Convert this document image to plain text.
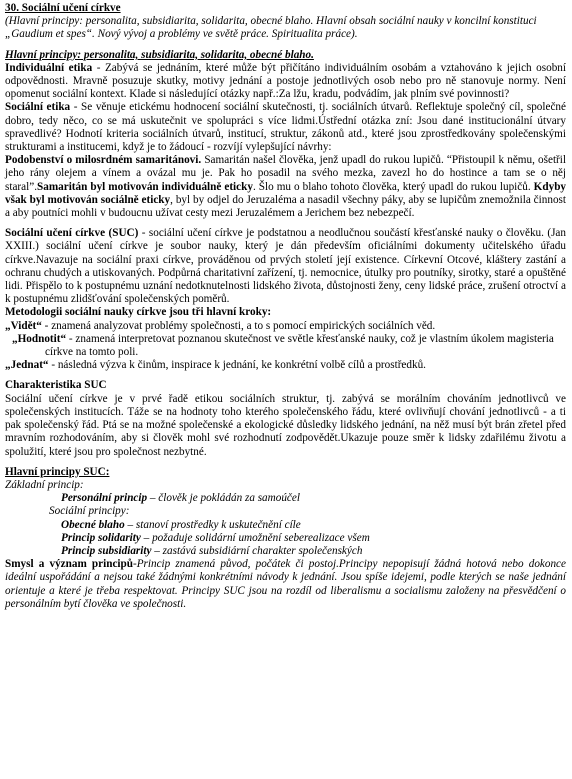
30. Sociální učení církve

(Hlavní principy: personalita, subsidiarita, solidarita, obecné blaho. Hlavní obsah sociální nauky v koncilní konstituci „Gaudium et spes“. Nový vývoj a problémy ve světě práce. Spiritualita práce).

Hlavní principy: personalita, subsidiarita, solidarita, obecné blaho.

Individuální etika - Zabývá se jednáním, které může být přičítáno individuálním osobám a vztahováno k jejich osobní odpovědnosti. Mravně posuzuje skutky, motivy jednání a postoje jednotlivých osob nebo pro ně stanovuje normy. Není opomenut sociální kontext. Klade si následující otázky např.:Za lžu, kradu, podvádím, jak plním své povinnosti?

Sociální etika - Se věnuje etickému hodnocení sociální skutečnosti, tj. sociálních útvarů. Reflektuje společný cíl, společné dobro, tedy něco, co se má uskutečnit ve spolupráci s více lidmi.Ústřední otázka zní: Jsou dané institucionální útvary spravedlivé? Hodnotí kriteria sociálních útvarů, institucí, struktur, zákonů atd., které jsou zprostředkovány společenskými strukturami a institucemi, když je to žádoucí - rozvíjí vylepšující návrhy:

Podobenství o milosrdném samaritánovi. Samaritán našel člověka, jenž upadl do rukou lupičů. “Přistoupil k němu, ošetřil jeho rány olejem a vínem a ovázal mu je. Pak ho posadil na svého mezka, zavezl ho do hostince a tam se o něj staral”.Samaritán byl motivován individuálně eticky. Šlo mu o blaho tohoto člověka, který upadl do rukou lupičů. Kdyby však byl motivován sociálně eticky, byl by odjel do Jeruzaléma a nasadil všechny páky, aby se lupičům znemožnila činnost a aby poutníci mohli v budoucnu užívat cesty mezi Jeruzalémem a Jerichem bez nebezpečí.

Sociální učení církve (SUC) - sociální učení církve je podstatnou a neodlučnou součástí křesťanské nauky o člověku. (Jan XXIII.) sociální učení církve je soubor nauky, který je dán především oficiálními dokumenty učitelského úřadu církve.Navazuje na sociální praxi církve, prováděnou od prvých století její existence. Církevní Otcové, kláštery zastání a ochranu chudých a utiskovaných. Podpůrná charitativní zařízení, tj. nemocnice, útulky pro poutníky, sirotky, staré a opuštěné lidi. Přispělo to k postupnému uznání nedotknutelnosti lidského života, důstojnosti ženy, ceny lidské práce, zrušení otroctví a k postupnému zlidšťování společenských poměrů.

Metodologii sociální nauky církve jsou tři hlavní kroky:

„Vidět“ - znamená analyzovat problémy společnosti, a to s pomocí empirických sociálních věd.

„Hodnotit“ - znamená interpretovat poznanou skutečnost ve světle křesťanské nauky, což je vlastním úkolem magisteria církve na tomto poli.

„Jednat“ - následná výzva k činům, inspirace k jednání, ke konkrétní volbě cílů a prostředků.

Charakteristika SUC

Sociální učení církve je v prvé řadě etikou sociálních struktur, tj. zabývá se morálním chováním jednotlivců ve společenských institucích. Táže se na hodnoty toho kterého společenského řádu, které ovlivňují chování jednotlivců - a ti pak společenský řád. Ptá se na možné společenské a ekologické důsledky lidského jednání, na něž musí být brán zřetel před mravním rozhodováním, aby si člověk mohl své rozhodnutí zodpovědět.Ukazuje pouze směr k lidsky zdařilému životu a spolužití, které jsou pro společnost nezbytné.

Hlavní principy SUC:

Základní princip:

Personální princip – člověk je pokládán za samoúčel

Sociální principy:

Obecné blaho – stanoví prostředky k uskutečnění cíle

Princip solidarity – požaduje solidární umožnění seberealizace všem

Princip subsidiarity – zastává subsidiární charakter společenských

Smysl a význam principů-Princip znamená původ, počátek či postoj.Principy nepopisují žádná hotová nebo dokonce ideální uspořádání a nejsou také žádnými konkrétními návody k jednání. Jsou spíše idejemi, podle kterých se naše jednání orientuje a které je třeba respektovat. Principy SUC jsou na rozdíl od liberalismu a socialismu založeny na přesvědčení o personálním bytí člověka ve společnosti.
